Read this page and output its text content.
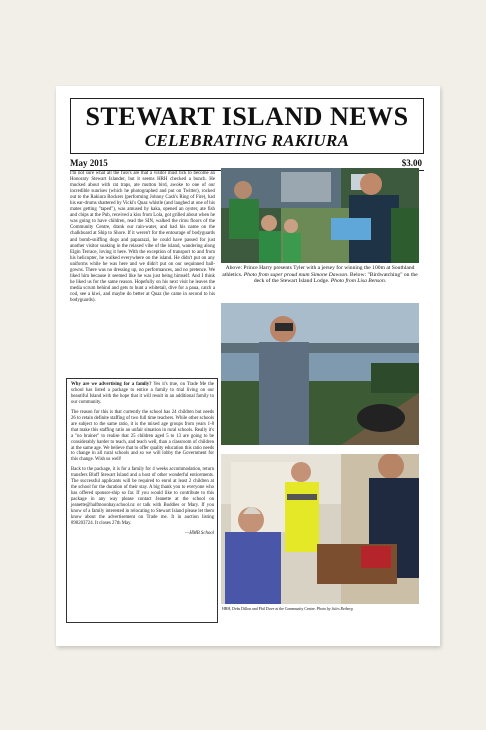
STEWART ISLAND NEWS
CELEBRATING RAKIURA
May 2015	$3.00
I'm not sure what all the fuss's are that a visitor must tick to become an Honorary Stewart Islander, but it seems HRH checked a bunch. He mucked about with rat traps, ate mutton bird, awoke to one of our incredible sunrises (which he photographed and put on Twitter), rocked out to the Rakiura Rockers (performing Johnny Cash's Ring of Fire), had his ear-drums shattered by Vicki's Quaz whistle (and laughed at one of his mates getting "taped"), was amused by kaka, opened an oyster, ate fish and chips at the Pub, received a kiss from Lola, got grilled about when he was going to have children, read the SIN, walked the rimu floors of the Community Centre, drank our rain-water, and had his name on the chalkboard at Ship to Shore. If it weren't for the entourage of bodyguards and bomb-sniffing dogs and paparazzi, he could have passed for just another visitor soaking in the relaxed vibe of the island, wandering along Elgin Terrace, loving it here. With the exception of transport to and from his helicopter, he walked everywhere on the island. He didn't put on any uniforms while he was here and we didn't put on our sequinned ball-gowns. There was no dressing up, no performances, and no pretence. We liked him because it seemed like he was just being himself. And I think he liked us for the same reason. Hopefully on his next visit he leaves the media scrum behind and gets to hunt a whitetail, dive for a paua, catch a cod, see a kiwi, and maybe do better at Quaz (he came in second to his bodyguards).

Why are we advertising for a family? Yes it's true, on Trade Me the school has listed a package to entice a family to trial living on our beautiful Island with the hope that it will result in an additional family to our community.

The reason for this is that currently the school has 24 children but needs 26 to retain definite staffing of two full time teachers. While other schools are subject to the same ratio, it is the mixed age groups from years 1-8 that make this staffing ratio an unfair situation in rural schools. Really it's a "no brainer" to realise that 25 children aged 5 to 13 are going to be considerably harder to teach, and teach well, than a classroom of children at the same age. We believe that to offer quality education this ratio needs to change in all rural schools and so we will lobby the Government for this change. Wish us well!

Back to the package, it is for a family for 4 weeks accommodation, return transfers Bluff Stewart Island and a host of other wonderful enticements. The successful applicants will be required to enrol at least 2 children at the school for the duration of their stay. A big thank you to everyone who has offered sponsor-ship so far. If you would like to contribute to this package in any way please contact Jeanette at the school on jeanette@halfmoonbay.school.nz or talk with Boddies or Mary. If you know of a family interested in relocating to Stewart Island please let them know about the advertisement on Trade me. It in auction listing 898203724. It closes 27th May.

—HMB School
Above: Prince Harry presents Tyler with a jersey for winning the 100m at Southland athletics. Photo from super proud mum Simone Dawson. Below: "Birdwatching" on the deck of the Stewart Island Lodge. Photo from Lisa Benson.
HRH, Debs Dillon and Phil Dove at the Community Centre. Photo by Jules Retberg
